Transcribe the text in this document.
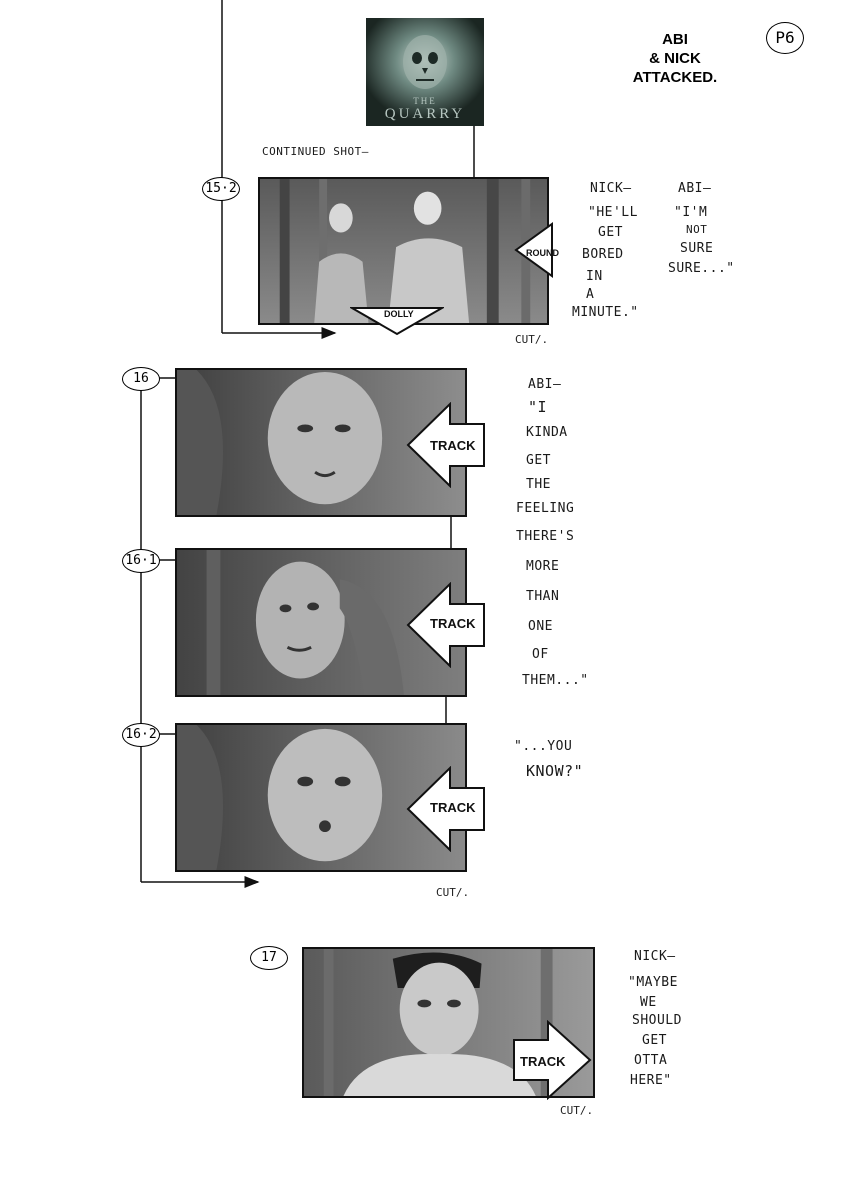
ABI
& NICK
ATTACKED.
P6
THE
QUARRY
CONTINUED SHOT—
15·2
ROUND
DOLLY
CUT/.
NICK—
"HE'LL
GET
BORED
IN
A
MINUTE."
ABI—
"I'M
NOT
SURE
SURE..."
16
TRACK
16·1
TRACK
16·2
TRACK
CUT/.
ABI—
"I
KINDA
GET
THE
FEELING
THERE'S
MORE
THAN
ONE
OF
THEM..."
"...YOU
KNOW?"
17
TRACK
CUT/.
NICK—
"MAYBE
WE
SHOULD
GET
OTTA
HERE"
